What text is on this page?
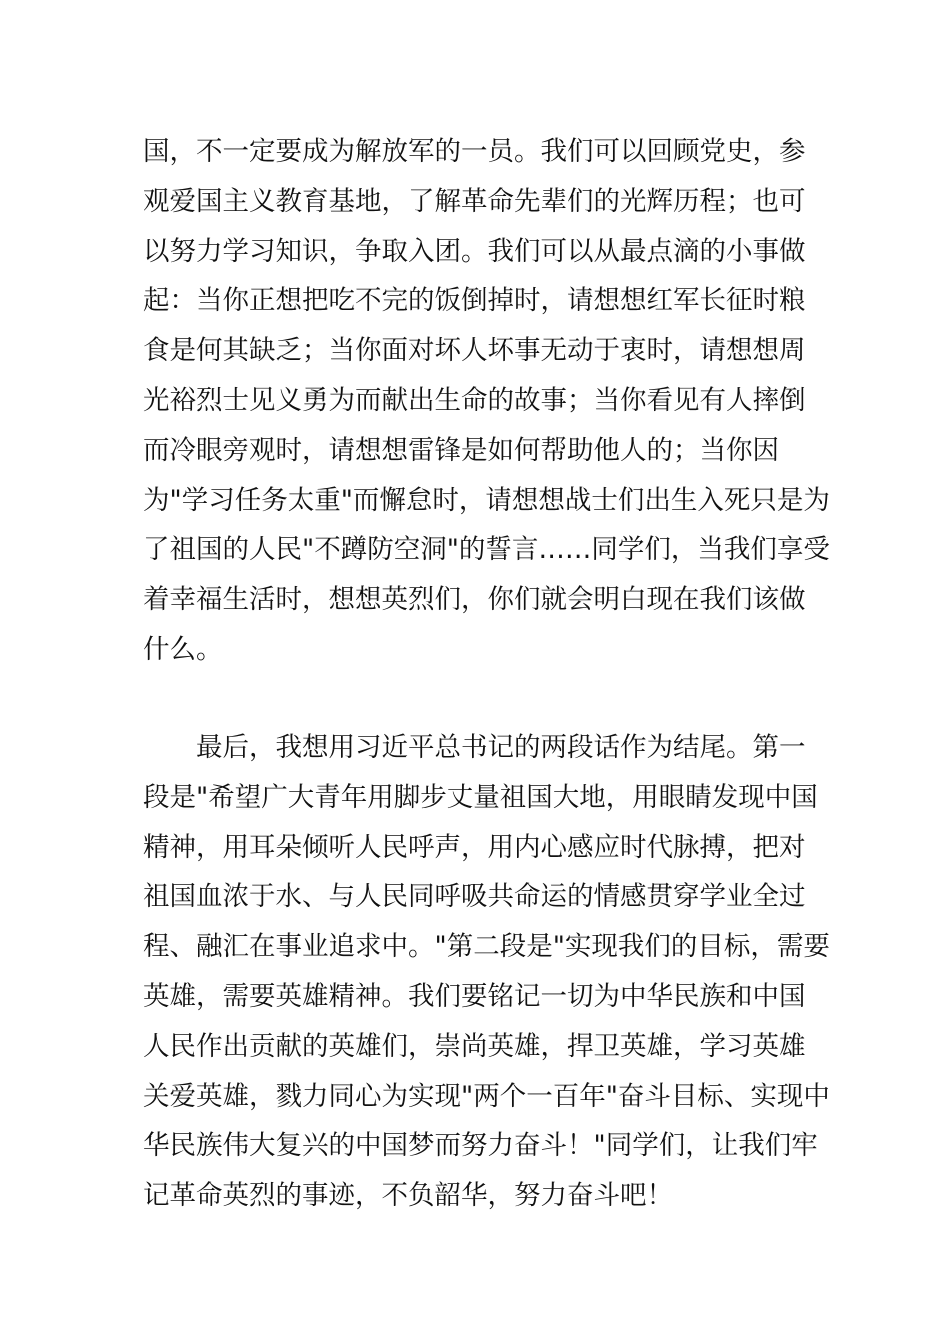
国，不一定要成为解放军的一员。我们可以回顾党史，参
观爱国主义教育基地，了解革命先辈们的光辉历程；也可
以努力学习知识，争取入团。我们可以从最点滴的小事做
起：当你正想把吃不完的饭倒掉时，请想想红军长征时粮
食是何其缺乏；当你面对坏人坏事无动于衷时，请想想周
光裕烈士见义勇为而献出生命的故事；当你看见有人摔倒
而冷眼旁观时，请想想雷锋是如何帮助他人的；当你因
为"学习任务太重"而懈怠时，请想想战士们出生入死只是为
了祖国的人民"不蹲防空洞"的誓言……同学们，当我们享受
着幸福生活时，想想英烈们，你们就会明白现在我们该做
什么。

　　最后，我想用习近平总书记的两段话作为结尾。第一
段是"希望广大青年用脚步丈量祖国大地，用眼睛发现中国
精神，用耳朵倾听人民呼声，用内心感应时代脉搏，把对
祖国血浓于水、与人民同呼吸共命运的情感贯穿学业全过
程、融汇在事业追求中。"第二段是"实现我们的目标，需要
英雄，需要英雄精神。我们要铭记一切为中华民族和中国
人民作出贡献的英雄们，崇尚英雄，捍卫英雄，学习英雄
关爱英雄，戮力同心为实现"两个一百年"奋斗目标、实现中
华民族伟大复兴的中国梦而努力奋斗！"同学们，让我们牢
记革命英烈的事迹，不负韶华，努力奋斗吧！
